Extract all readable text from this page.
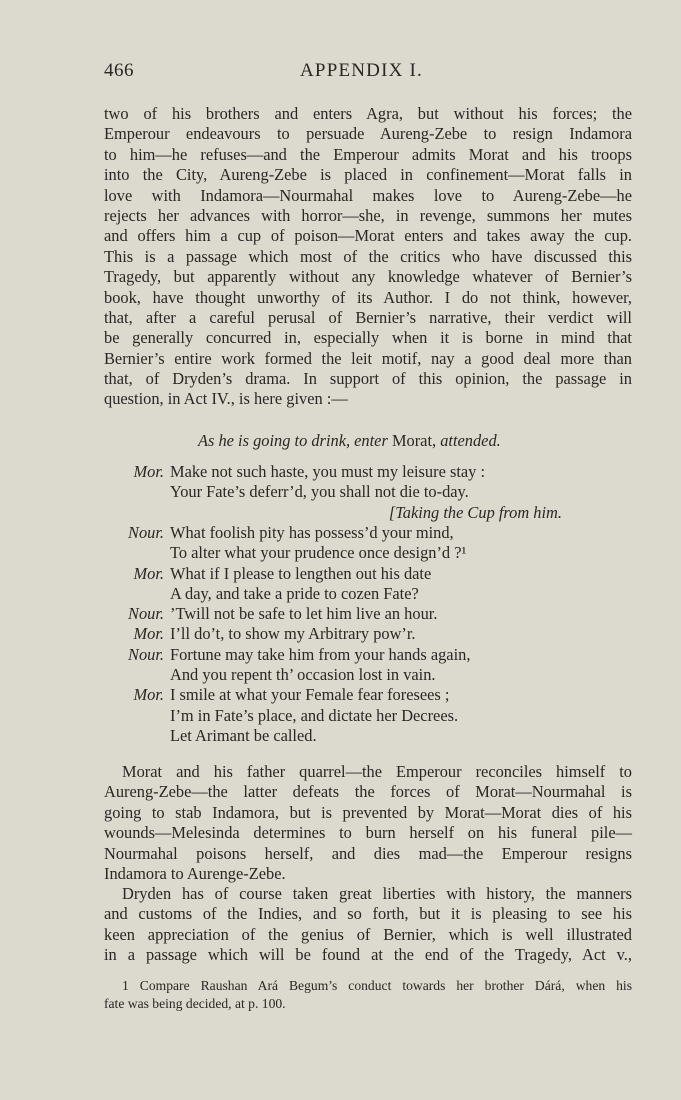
466	APPENDIX I.
two of his brothers and enters Agra, but without his forces; the
Emperour endeavours to persuade Aureng-Zebe to resign Indamora
to him—he refuses—and the Emperour admits Morat and his troops
into the City, Aureng-Zebe is placed in confinement—Morat falls in
love with Indamora—Nourmahal makes love to Aureng-Zebe—he
rejects her advances with horror—she, in revenge, summons her mutes
and offers him a cup of poison—Morat enters and takes away the cup.
This is a passage which most of the critics who have discussed this
Tragedy, but apparently without any knowledge whatever of Bernier’s
book, have thought unworthy of its Author. I do not think, however,
that, after a careful perusal of Bernier’s narrative, their verdict will
be generally concurred in, especially when it is borne in mind that
Bernier’s entire work formed the leit motif, nay a good deal more than
that, of Dryden’s drama. In support of this opinion, the passage in
question, in Act IV., is here given :—
As he is going to drink, enter Morat, attended.
Mor. Make not such haste, you must my leisure stay :
Your Fate’s deferr’d, you shall not die to-day.
[Taking the Cup from him.
Nour. What foolish pity has possess’d your mind,
To alter what your prudence once design’d ?¹
Mor. What if I please to lengthen out his date
A day, and take a pride to cozen Fate?
Nour. ’Twill not be safe to let him live an hour.
Mor. I’ll do’t, to show my Arbitrary pow’r.
Nour. Fortune may take him from your hands again,
And you repent th’ occasion lost in vain.
Mor. I smile at what your Female fear foresees ;
I’m in Fate’s place, and dictate her Decrees.
Let Arimant be called.
Morat and his father quarrel—the Emperour reconciles himself to
Aureng-Zebe—the latter defeats the forces of Morat—Nourmahal is
going to stab Indamora, but is prevented by Morat—Morat dies of his
wounds—Melesinda determines to burn herself on his funeral pile—
Nourmahal poisons herself, and dies mad—the Emperour resigns
Indamora to Aurenge-Zebe.
Dryden has of course taken great liberties with history, the manners
and customs of the Indies, and so forth, but it is pleasing to see his
keen appreciation of the genius of Bernier, which is well illustrated
in a passage which will be found at the end of the Tragedy, Act v.,
1 Compare Raushan Ará Begum’s conduct towards her brother Dárá, when his
fate was being decided, at p. 100.
